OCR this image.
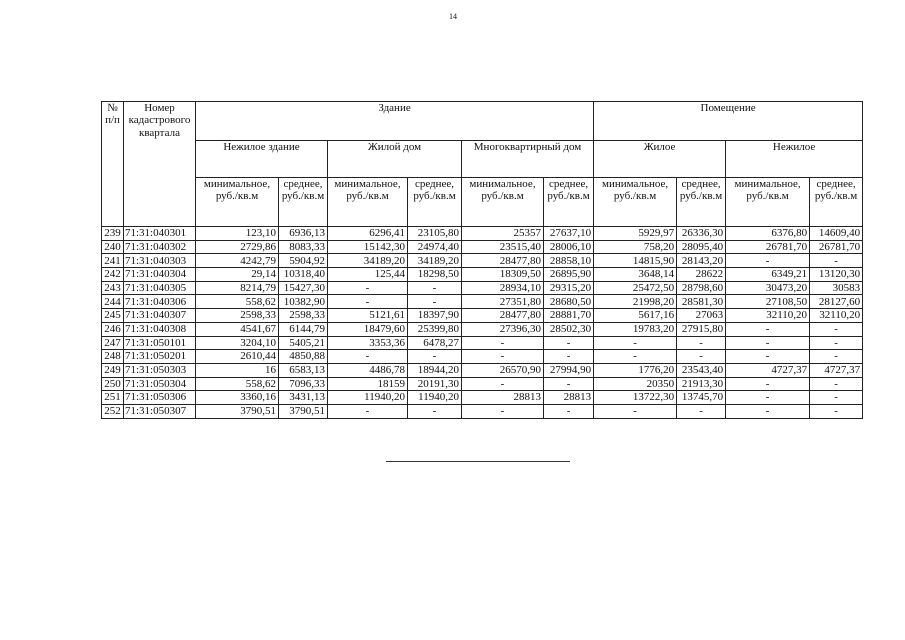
14
№ п/п	Номер кадастрового квартала	Здание						Помещение			
		Нежилое здание		Жилой дом		Многоквартирный дом		Жилое		Нежилое	
		минимальное, руб./кв.м	среднее, руб./кв.м	минимальное, руб./кв.м	среднее, руб./кв.м	минимальное, руб./кв.м	среднее, руб./кв.м	минимальное, руб./кв.м	среднее, руб./кв.м	минимальное, руб./кв.м	среднее, руб./кв.м
239	71:31:040301	123,10	6936,13	6296,41	23105,80	25357	27637,10	5929,97	26336,30	6376,80	14609,40
240	71:31:040302	2729,86	8083,33	15142,30	24974,40	23515,40	28006,10	758,20	28095,40	26781,70	26781,70
241	71:31:040303	4242,79	5904,92	34189,20	34189,20	28477,80	28858,10	14815,90	28143,20	-	-
242	71:31:040304	29,14	10318,40	125,44	18298,50	18309,50	26895,90	3648,14	28622	6349,21	13120,30
243	71:31:040305	8214,79	15427,30	-	-	28934,10	29315,20	25472,50	28798,60	30473,20	30583
244	71:31:040306	558,62	10382,90	-	-	27351,80	28680,50	21998,20	28581,30	27108,50	28127,60
245	71:31:040307	2598,33	2598,33	5121,61	18397,90	28477,80	28881,70	5617,16	27063	32110,20	32110,20
246	71:31:040308	4541,67	6144,79	18479,60	25399,80	27396,30	28502,30	19783,20	27915,80	-	-
247	71:31:050101	3204,10	5405,21	3353,36	6478,27	-	-	-	-	-	-
248	71:31:050201	2610,44	4850,88	-	-	-	-	-	-	-	-
249	71:31:050303	16	6583,13	4486,78	18944,20	26570,90	27994,90	1776,20	23543,40	4727,37	4727,37
250	71:31:050304	558,62	7096,33	18159	20191,30	-	-	20350	21913,30	-	-
251	71:31:050306	3360,16	3431,13	11940,20	11940,20	28813	28813	13722,30	13745,70	-	-
252	71:31:050307	3790,51	3790,51	-	-	-	-	-	-	-	-
